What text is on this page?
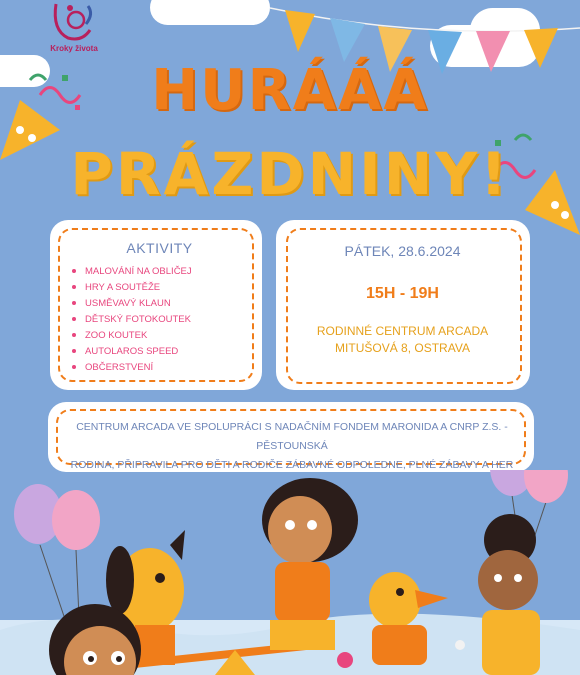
Kroky života
HURÁÁÁ
PRÁZDNINY!
AKTIVITY
MALOVÁNÍ NA OBLIČEJ
HRY A SOUTĚŽE
USMĚVAVÝ KLAUN
DĚTSKÝ FOTOKOUTEK
ZOO KOUTEK
AUTOLAROS SPEED
OBČERSTVENÍ
PÁTEK, 28.6.2024
15H - 19H
RODINNÉ CENTRUM ARCADA
MITUŠOVÁ 8, OSTRAVA
CENTRUM ARCADA VE SPOLUPRÁCI S NADAČNÍM FONDEM MARONIDA A CNRP Z.S. - PĚSTOUNSKÁ
RODINA, PŘIPRAVILA PRO DĚTI A RODIČE ZÁBAVNÉ ODPOLEDNE, PLNÉ ZÁBAVY A HER
